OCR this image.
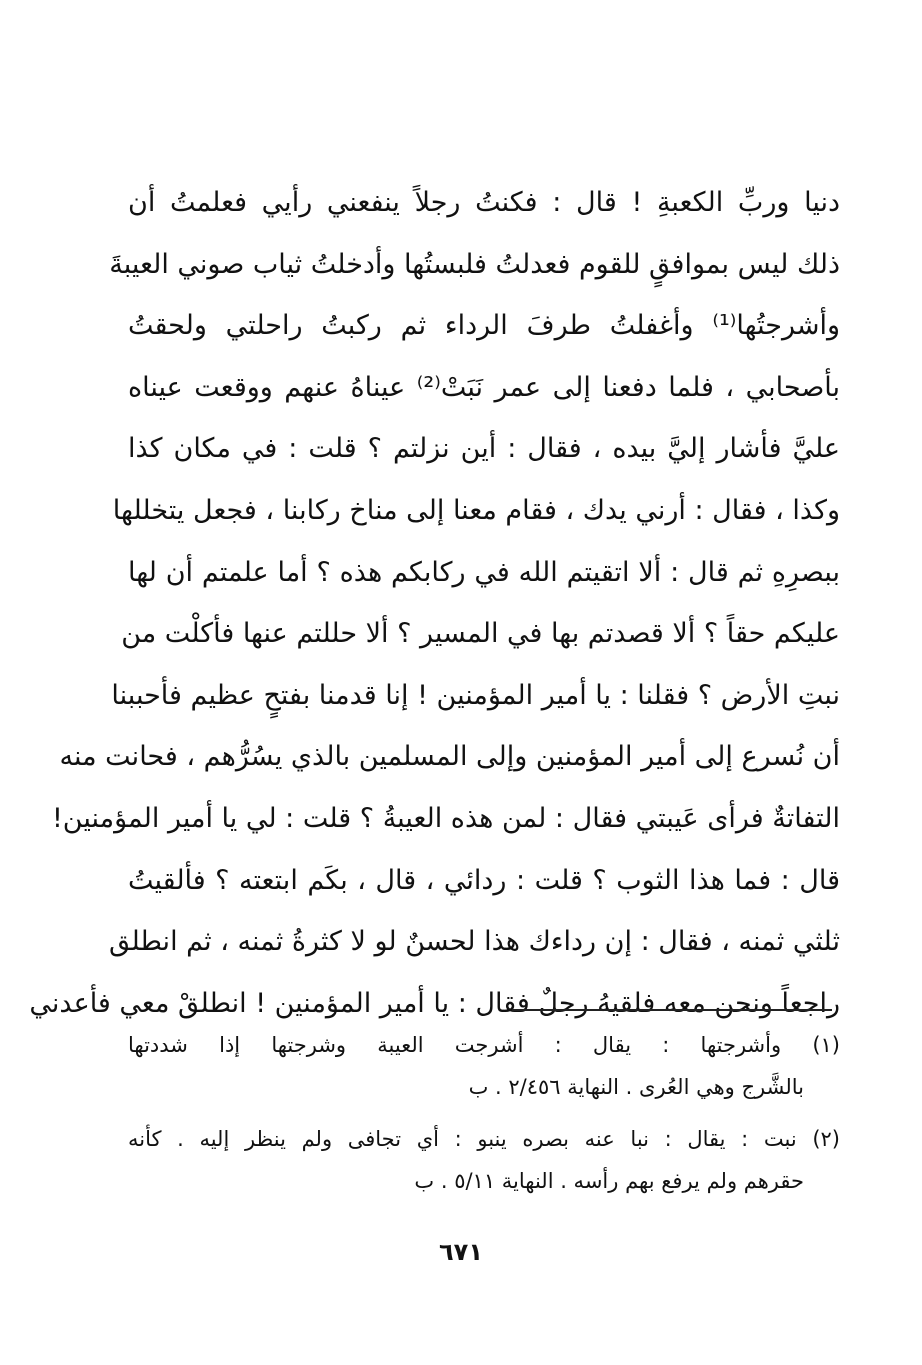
دنيا وربِّ الكعبةِ ! قال : فكنتُ رجلاً ينفعني رأيي فعلمتُ أن
ذلك ليس بموافقٍ للقوم فعدلتُ فلبستُها وأدخلتُ ثياب صوني العيبةَ
وأشرجتُها⁽¹⁾ وأغفلتُ طرفَ الرداء ثم ركبتُ راحلتي ولحقتُ
بأصحابي ، فلما دفعنا إلى عمر نَبَتْ⁽²⁾ عيناهُ عنهم ووقعت عيناه
عليَّ فأشار إليَّ بيده ، فقال : أين نزلتم ؟ قلت : في مكان كذا
وكذا ، فقال : أرني يدك ، فقام معنا إلى مناخ ركابنا ، فجعل يتخللها
ببصرِهِ ثم قال : ألا اتقيتم الله في ركابكم هذه ؟ أما علمتم أن لها
عليكم حقاً ؟ ألا قصدتم بها في المسير ؟ ألا حللتم عنها فأكلْت من
نبتِ الأرض ؟ فقلنا : يا أمير المؤمنين ! إنا قدمنا بفتحٍ عظيم فأحببنا
أن نُسرع إلى أمير المؤمنين وإلى المسلمين بالذي يسُرُّهم ، فحانت منه
التفاتةٌ فرأى عَيبتي فقال : لمن هذه العيبةُ ؟ قلت : لي يا أمير المؤمنين!
قال : فما هذا الثوب ؟ قلت : ردائي ، قال ، بكَم ابتعته ؟ فألقيتُ
ثلثي ثمنه ، فقال : إن رداءك هذا لحسنٌ لو لا كثرةُ ثمنه ، ثم انطلق
راجعاً ونحن معه فلقيهُ رجلٌ فقال : يا أمير المؤمنين ! انطلقْ معي فأعدني
(١) وأشرجتها : يقال : أشرجت العيبة وشرجتها إذا شددتها
بالشَّرج وهي العُرى . النهاية ٢/٤٥٦ . ب
(٢) نبت : يقال : نبا عنه بصره ينبو : أي تجافى ولم ينظر إليه . كأنه
حقرهم ولم يرفع بهم رأسه . النهاية ٥/١١ . ب
٦٧١
